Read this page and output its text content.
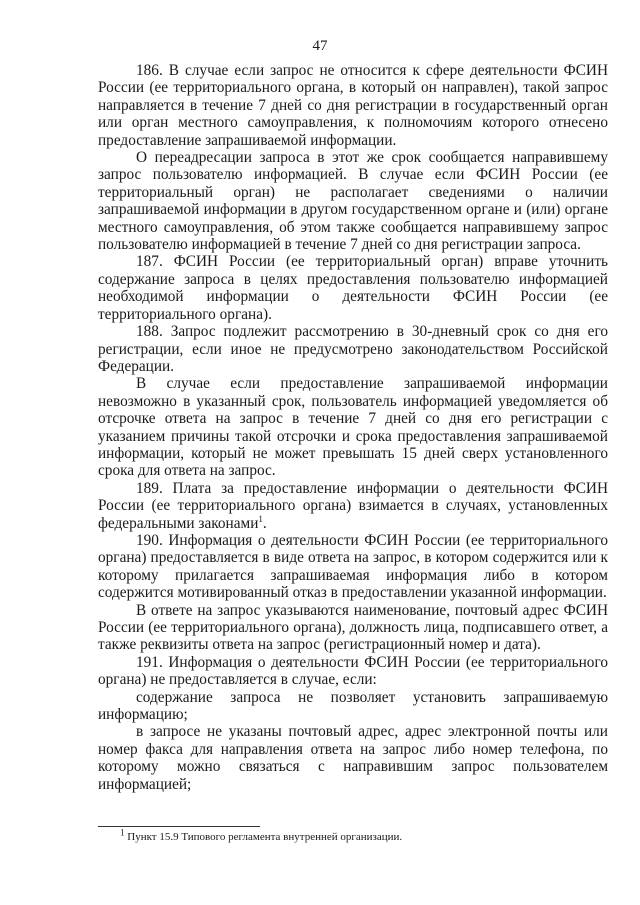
47

186. В случае если запрос не относится к сфере деятельности ФСИН России (ее территориального органа, в который он направлен), такой запрос направляется в течение 7 дней со дня регистрации в государственный орган или орган местного самоуправления, к полномочиям которого отнесено предоставление запрашиваемой информации.

О переадресации запроса в этот же срок сообщается направившему запрос пользователю информацией. В случае если ФСИН России (ее территориальный орган) не располагает сведениями о наличии запрашиваемой информации в другом государственном органе и (или) органе местного самоуправления, об этом также сообщается направившему запрос пользователю информацией в течение 7 дней со дня регистрации запроса.

187. ФСИН России (ее территориальный орган) вправе уточнить содержание запроса в целях предоставления пользователю информацией необходимой информации о деятельности ФСИН России (ее территориального органа).

188. Запрос подлежит рассмотрению в 30-дневный срок со дня его регистрации, если иное не предусмотрено законодательством Российской Федерации.

В случае если предоставление запрашиваемой информации невозможно в указанный срок, пользователь информацией уведомляется об отсрочке ответа на запрос в течение 7 дней со дня его регистрации с указанием причины такой отсрочки и срока предоставления запрашиваемой информации, который не может превышать 15 дней сверх установленного срока для ответа на запрос.

189. Плата за предоставление информации о деятельности ФСИН России (ее территориального органа) взимается в случаях, установленных федеральными законами$^1$.

190. Информация о деятельности ФСИН России (ее территориального органа) предоставляется в виде ответа на запрос, в котором содержится или к которому прилагается запрашиваемая информация либо в котором содержится мотивированный отказ в предоставлении указанной информации.

В ответе на запрос указываются наименование, почтовый адрес ФСИН России (ее территориального органа), должность лица, подписавшего ответ, а также реквизиты ответа на запрос (регистрационный номер и дата).

191. Информация о деятельности ФСИН России (ее территориального органа) не предоставляется в случае, если:

содержание запроса не позволяет установить запрашиваемую информацию;

в запросе не указаны почтовый адрес, адрес электронной почты или номер факса для направления ответа на запрос либо номер телефона, по которому можно связаться с направившим запрос пользователем информацией;

$^1$ Пункт 15.9 Типового регламента внутренней организации.
